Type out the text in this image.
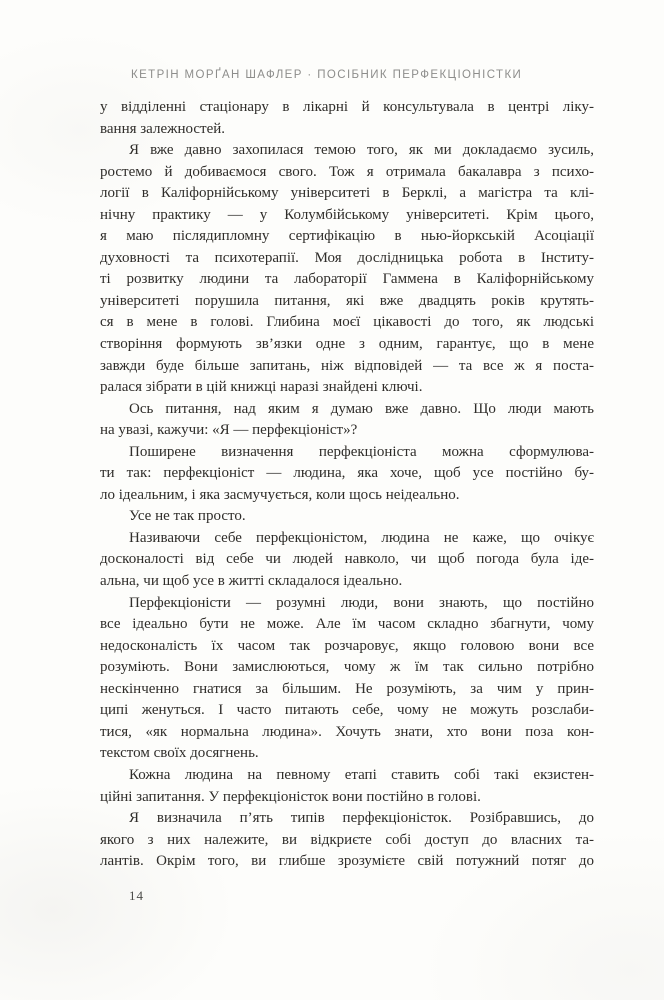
КЕТРІН МОРҐАН ШАФЛЕР · ПОСІБНИК ПЕРФЕКЦІОНІСТКИ
у відділенні стаціонару в лікарні й консультувала в центрі ліку-
вання залежностей.
Я вже давно захопилася темою того, як ми докладаємо зусиль,
ростемо й добиваємося свого. Тож я отримала бакалавра з психо-
логії в Каліфорнійському університеті в Берклі, а магістра та клі-
нічну практику — у Колумбійському університеті. Крім цього,
я маю післядипломну сертифікацію в нью-йоркській Асоціації
духовності та психотерапії. Моя дослідницька робота в Інститу-
ті розвитку людини та лабораторії Гаммена в Каліфорнійському
університеті порушила питання, які вже двадцять років крутять-
ся в мене в голові. Глибина моєї цікавості до того, як людські
створіння формують зв’язки одне з одним, гарантує, що в мене
завжди буде більше запитань, ніж відповідей — та все ж я поста-
ралася зібрати в цій книжці наразі знайдені ключі.
Ось питання, над яким я думаю вже давно. Що люди мають
на увазі, кажучи: «Я — перфекціоніст»?
Поширене визначення перфекціоніста можна сформулюва-
ти так: перфекціоніст — людина, яка хоче, щоб усе постійно бу-
ло ідеальним, і яка засмучується, коли щось неідеально.
Усе не так просто.
Називаючи себе перфекціоністом, людина не каже, що очікує
досконалості від себе чи людей навколо, чи щоб погода була іде-
альна, чи щоб усе в житті складалося ідеально.
Перфекціоністи — розумні люди, вони знають, що постійно
все ідеально бути не може. Але їм часом складно збагнути, чому
недосконалість їх часом так розчаровує, якщо головою вони все
розуміють. Вони замислюються, чому ж їм так сильно потрібно
нескінченно гнатися за більшим. Не розуміють, за чим у прин-
ципі женуться. І часто питають себе, чому не можуть розслаби-
тися, «як нормальна людина». Хочуть знати, хто вони поза кон-
текстом своїх досягнень.
Кожна людина на певному етапі ставить собі такі екзистен-
ційні запитання. У перфекціоністок вони постійно в голові.
Я визначила п’ять типів перфекціоністок. Розібравшись, до
якого з них належите, ви відкриєте собі доступ до власних та-
лантів. Окрім того, ви глибше зрозумієте свій потужний потяг до
14
